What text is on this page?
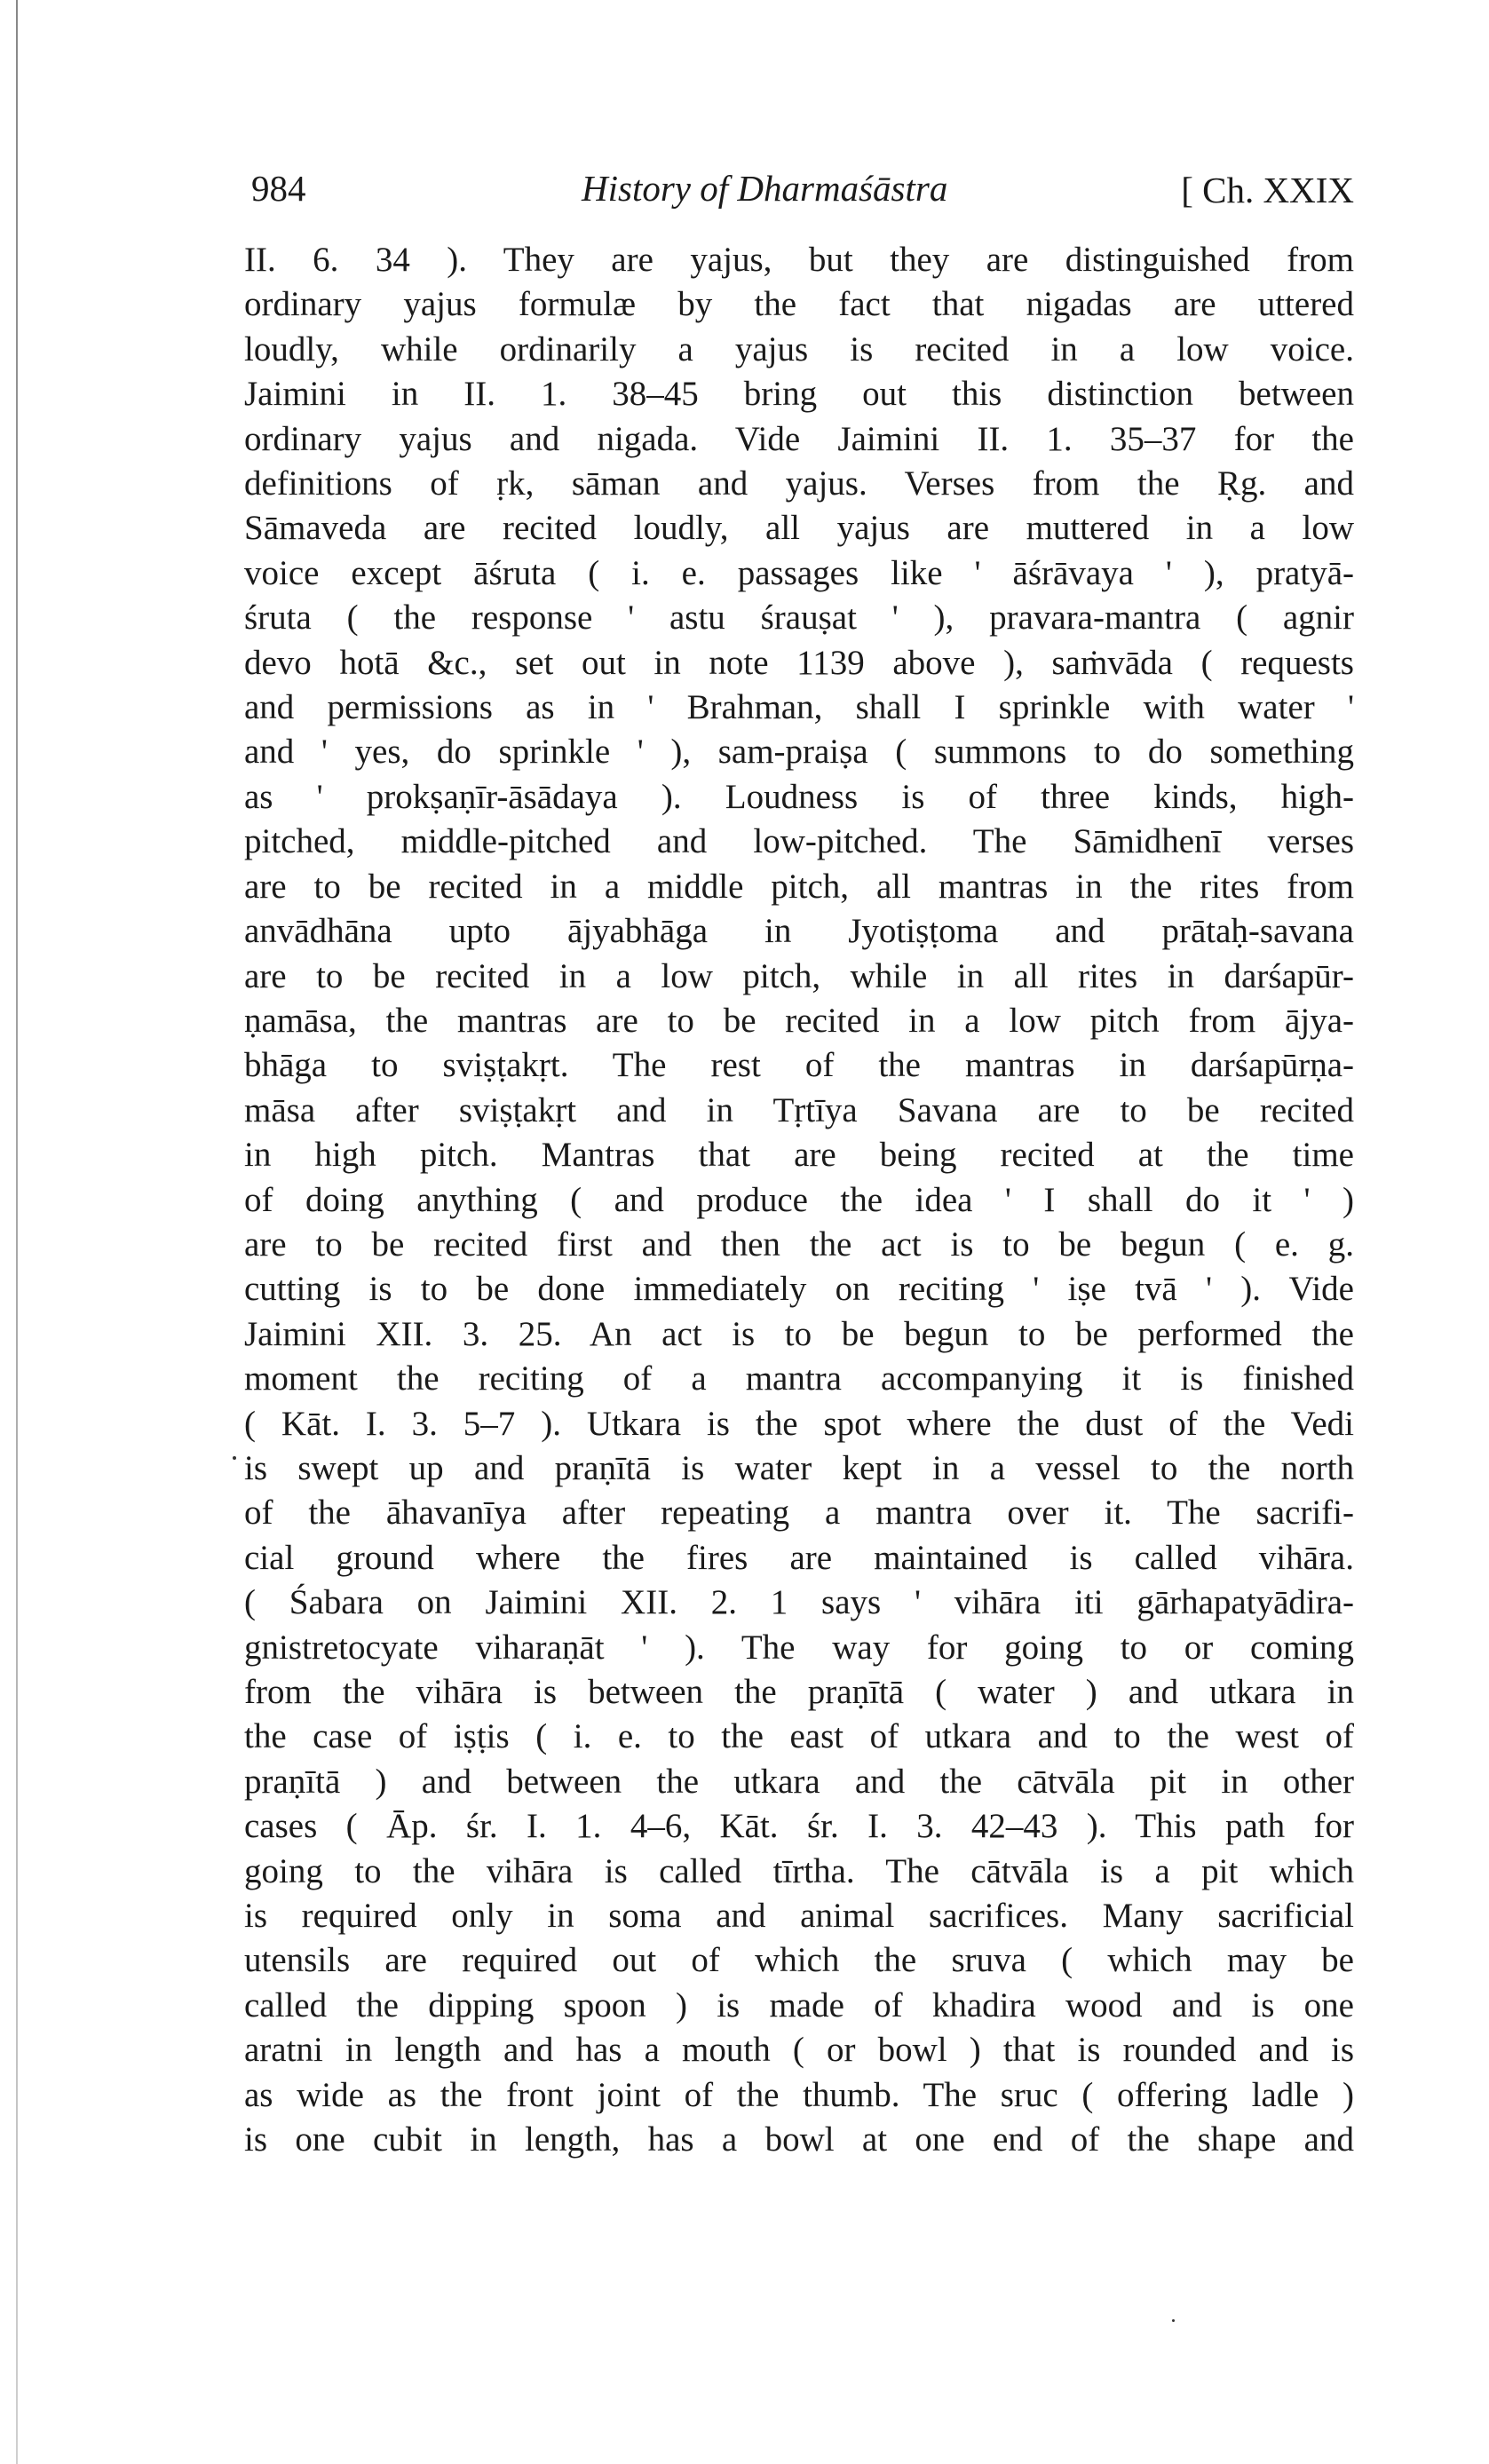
984	History of Dharmaśāstra	[ Ch. XXIX
II. 6. 34 ). They are yajus, but they are distinguished from
ordinary yajus formulæ by the fact that nigadas are uttered
loudly, while ordinarily a yajus is recited in a low voice.
Jaimini in II. 1. 38–45 bring out this distinction between
ordinary yajus and nigada. Vide Jaimini II. 1. 35–37 for the
definitions of ṛk, sāman and yajus. Verses from the Ṛg. and
Sāmaveda are recited loudly, all yajus are muttered in a low
voice except āśruta ( i. e. passages like ' āśrāvaya ' ), pratyā-
śruta ( the response ' astu śrauṣat ' ), pravara-mantra ( agnir
devo hotā &c., set out in note 1139 above ), saṁvāda ( requests
and permissions as in ' Brahman, shall I sprinkle with water '
and ' yes, do sprinkle ' ), sam-praiṣa ( summons to do something
as ' prokṣaṇīr-āsādaya ). Loudness is of three kinds, high-
pitched, middle-pitched and low-pitched. The Sāmidhenī verses
are to be recited in a middle pitch, all mantras in the rites from
anvādhāna upto ājyabhāga in Jyotiṣṭoma and prātaḥ-savana
are to be recited in a low pitch, while in all rites in darśapūr-
ṇamāsa, the mantras are to be recited in a low pitch from ājya-
bhāga to sviṣṭakṛt. The rest of the mantras in darśapūrṇa-
māsa after sviṣṭakṛt and in Tṛtīya Savana are to be recited
in high pitch. Mantras that are being recited at the time
of doing anything ( and produce the idea ' I shall do it ' )
are to be recited first and then the act is to be begun ( e. g.
cutting is to be done immediately on reciting ' iṣe tvā ' ). Vide
Jaimini XII. 3. 25. An act is to be begun to be performed the
moment the reciting of a mantra accompanying it is finished
( Kāt. I. 3. 5–7 ). Utkara is the spot where the dust of the Vedi
is swept up and praṇītā is water kept in a vessel to the north
of the āhavanīya after repeating a mantra over it. The sacrifi-
cial ground where the fires are maintained is called vihāra.
( Śabara on Jaimini XII. 2. 1 says ' vihāra iti gārhapatyādira-
gnistretocyate viharaṇāt ' ). The way for going to or coming
from the vihāra is between the praṇītā ( water ) and utkara in
the case of iṣṭis ( i. e. to the east of utkara and to the west of
praṇītā ) and between the utkara and the cātvāla pit in other
cases ( Āp. śr. I. 1. 4–6, Kāt. śr. I. 3. 42–43 ). This path for
going to the vihāra is called tīrtha. The cātvāla is a pit which
is required only in soma and animal sacrifices. Many sacrificial
utensils are required out of which the sruva ( which may be
called the dipping spoon ) is made of khadira wood and is one
aratni in length and has a mouth ( or bowl ) that is rounded and is
as wide as the front joint of the thumb. The sruc ( offering ladle )
is one cubit in length, has a bowl at one end of the shape and
